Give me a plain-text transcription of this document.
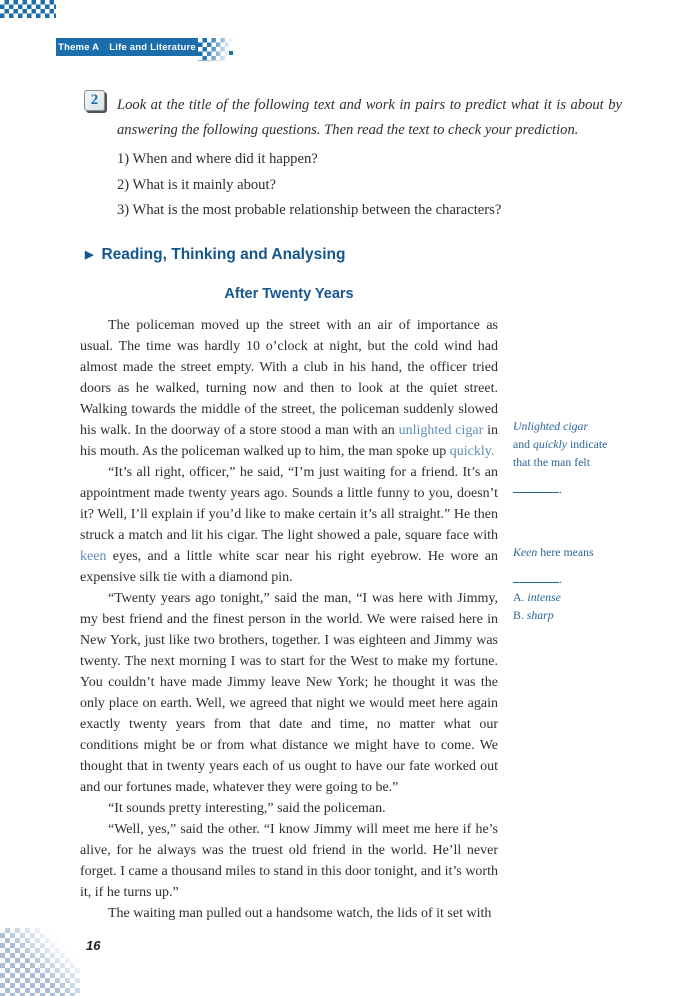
Theme A Life and Literature
2	Look at the title of the following text and work in pairs to predict what it is about by answering the following questions. Then read the text to check your prediction.

1) When and where did it happen?
2) What is it mainly about?
3) What is the most probable relationship between the characters?
▶ Reading, Thinking and Analysing
After Twenty Years

The policeman moved up the street with an air of importance as usual. The time was hardly 10 o’clock at night, but the cold wind had almost made the street empty. With a club in his hand, the officer tried doors as he walked, turning now and then to look at the quiet street. Walking towards the middle of the street, the policeman suddenly slowed his walk. In the doorway of a store stood a man with an unlighted cigar in his mouth. As the policeman walked up to him, the man spoke up quickly.

“It’s all right, officer,” he said, “I’m just waiting for a friend. It’s an appointment made twenty years ago. Sounds a little funny to you, doesn’t it? Well, I’ll explain if you’d like to make certain it’s all straight.” He then struck a match and lit his cigar. The light showed a pale, square face with keen eyes, and a little white scar near his right eyebrow. He wore an expensive silk tie with a diamond pin.

“Twenty years ago tonight,” said the man, “I was here with Jimmy, my best friend and the finest person in the world. We were raised here in New York, just like two brothers, together. I was eighteen and Jimmy was twenty. The next morning I was to start for the West to make my fortune. You couldn’t have made Jimmy leave New York; he thought it was the only place on earth. Well, we agreed that night we would meet here again exactly twenty years from that date and time, no matter what our conditions might be or from what distance we might have to come. We thought that in twenty years each of us ought to have our fate worked out and our fortunes made, whatever they were going to be.”

“It sounds pretty interesting,” said the policeman.

“Well, yes,” said the other. “I know Jimmy will meet me here if he’s alive, for he always was the truest old friend in the world. He’ll never forget. I came a thousand miles to stand in this door tonight, and it’s worth it, if he turns up.”

The waiting man pulled out a handsome watch, the lids of it set with

Unlighted cigar
and quickly indicate
that the man felt
.
Keen here means
.
A. intense
B. sharp
16
